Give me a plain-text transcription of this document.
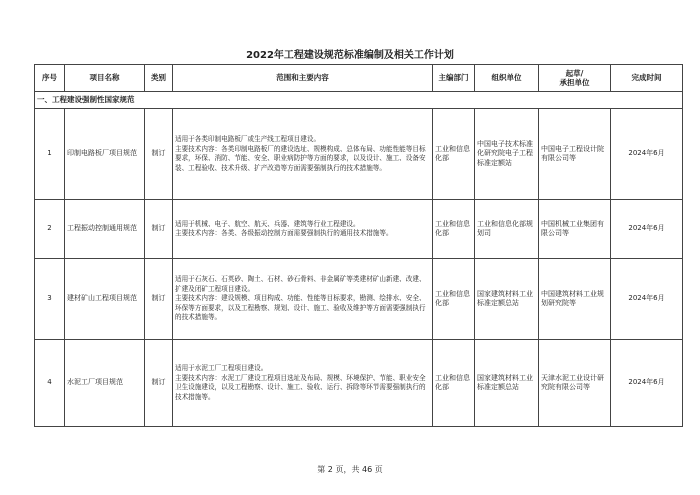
2022年工程建设规范标准编制及相关工作计划
序号	项目名称	类别	范围和主要内容	主编部门	组织单位	起草/
承担单位	完成时间
一、工程建设强制性国家规范							
1	印制电路板厂项目规范	制订	适用于各类印制电路板厂或生产线工程项目建设。
主要技术内容：各类印制电路板厂的建设选址、规模构成、总体布局、功能性能等目标要求，环保、消防、节能、安全、职业病防护等方面的要求，以及设计、施工、设备安装、工程验收、技术升级、扩产改造等方面需要强制执行的技术措施等。	工业和信息化部	中国电子技术标准化研究院电子工程标准定额站	中国电子工程设计院有限公司等	2024年6月
2	工程振动控制通用规范	制订	适用于机械、电子、航空、航天、兵器、建筑等行业工程建设。
主要技术内容：各类、各级振动控制方面需要强制执行的通用技术措施等。	工业和信息化部	工业和信息化部规划司	中国机械工业集团有限公司等	2024年6月
3	建材矿山工程项目规范	制订	适用于石灰石、石英砂、陶土、石材、砂石骨料、非金属矿等类建材矿山新建、改建、扩建及闭矿工程项目建设。
主要技术内容：建设规模、项目构成、功能、性能等目标要求，勘测、绘排水、安全、环保等方面要求，以及工程勘察、规划、设计、施工、验收及维护等方面需要强制执行的技术措施等。	工业和信息化部	国家建筑材料工业标准定额总站	中国建筑材料工业规划研究院等	2024年6月
4	水泥工厂项目规范	制订	适用于水泥工厂工程项目建设。
主要技术内容：水泥工厂建设工程项目选址及布局、规模、环境保护、节能、职业安全卫生设施建设，以及工程勘察、设计、施工、验收、运行、拆除等环节需要强制执行的技术措施等。	工业和信息化部	国家建筑材料工业标准定额总站	天津水泥工业设计研究院有限公司等	2024年6月
第 2 页，共 46 页
